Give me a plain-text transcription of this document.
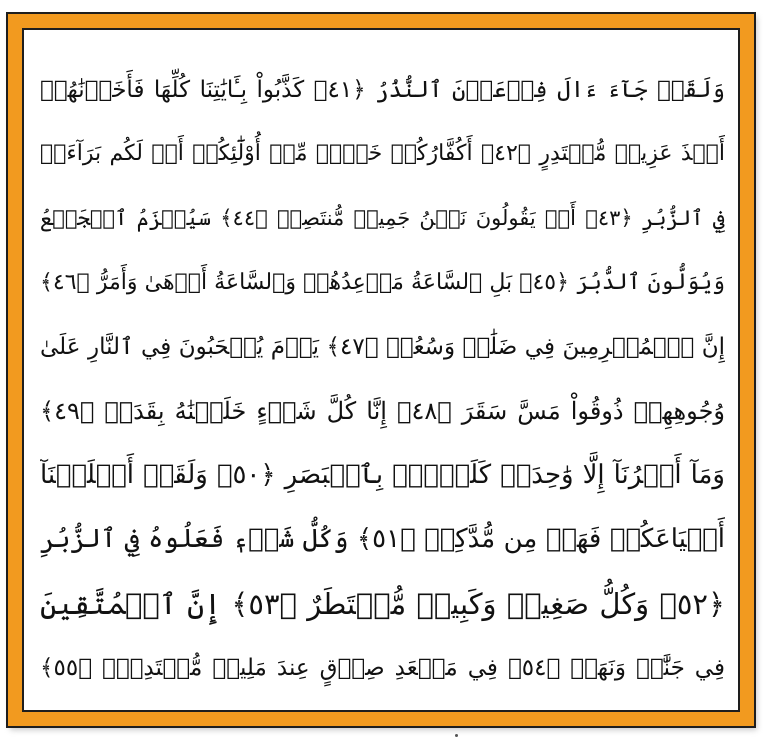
وَلَقَدۡ جَآءَ ءَالَ فِرۡعَوۡنَ ٱلنُّذُرُ ﴿٤١﴾ كَذَّبُواْ بِـَٔايَٰتِنَا كُلِّهَا فَأَخَذۡنَٰهُمۡ
أَخۡذَ عَزِيزٖ مُّقۡتَدِرٍ ﴿٤٢﴾ أَكُفَّارُكُمۡ خَيۡرٞ مِّنۡ أُوْلَٰٓئِكُمۡ أَمۡ لَكُم بَرَآءَةٞ
فِي ٱلزُّبُرِ ﴿٤٣﴾ أَمۡ يَقُولُونَ نَحۡنُ جَمِيعٞ مُّنتَصِرٞ ﴿٤٤﴾ سَيُهۡزَمُ ٱلۡجَمۡعُ
وَيُوَلُّونَ ٱلدُّبُرَ ﴿٤٥﴾ بَلِ ٱلسَّاعَةُ مَوۡعِدُهُمۡ وَٱلسَّاعَةُ أَدۡهَىٰ وَأَمَرُّ ﴿٤٦﴾
إِنَّ ٱلۡمُجۡرِمِينَ فِي ضَلَٰلٖ وَسُعُرٖ ﴿٤٧﴾ يَوۡمَ يُسۡحَبُونَ فِي ٱلنَّارِ عَلَىٰ
وُجُوهِهِمۡ ذُوقُواْ مَسَّ سَقَرَ ﴿٤٨﴾ إِنَّا كُلَّ شَيۡءٍ خَلَقۡنَٰهُ بِقَدَرٖ ﴿٤٩﴾
وَمَآ أَمۡرُنَآ إِلَّا وَٰحِدَةٞ كَلَمۡحِۭ بِٱلۡبَصَرِ ﴿٥٠﴾ وَلَقَدۡ أَهۡلَكۡنَآ
أَشۡيَاعَكُمۡ فَهَلۡ مِن مُّدَّكِرٖ ﴿٥١﴾ وَكُلُّ شَيۡءٖ فَعَلُوهُ فِي ٱلزُّبُرِ
﴿٥٢﴾ وَكُلُّ صَغِيرٖ وَكَبِيرٖ مُّسۡتَطَرٌ ﴿٥٣﴾ إِنَّ ٱلۡمُتَّقِينَ
فِي جَنَّٰتٖ وَنَهَرٖ ﴿٥٤﴾ فِي مَقۡعَدِ صِدۡقٍ عِندَ مَلِيكٖ مُّقۡتَدِرِۭ ﴿٥٥﴾
